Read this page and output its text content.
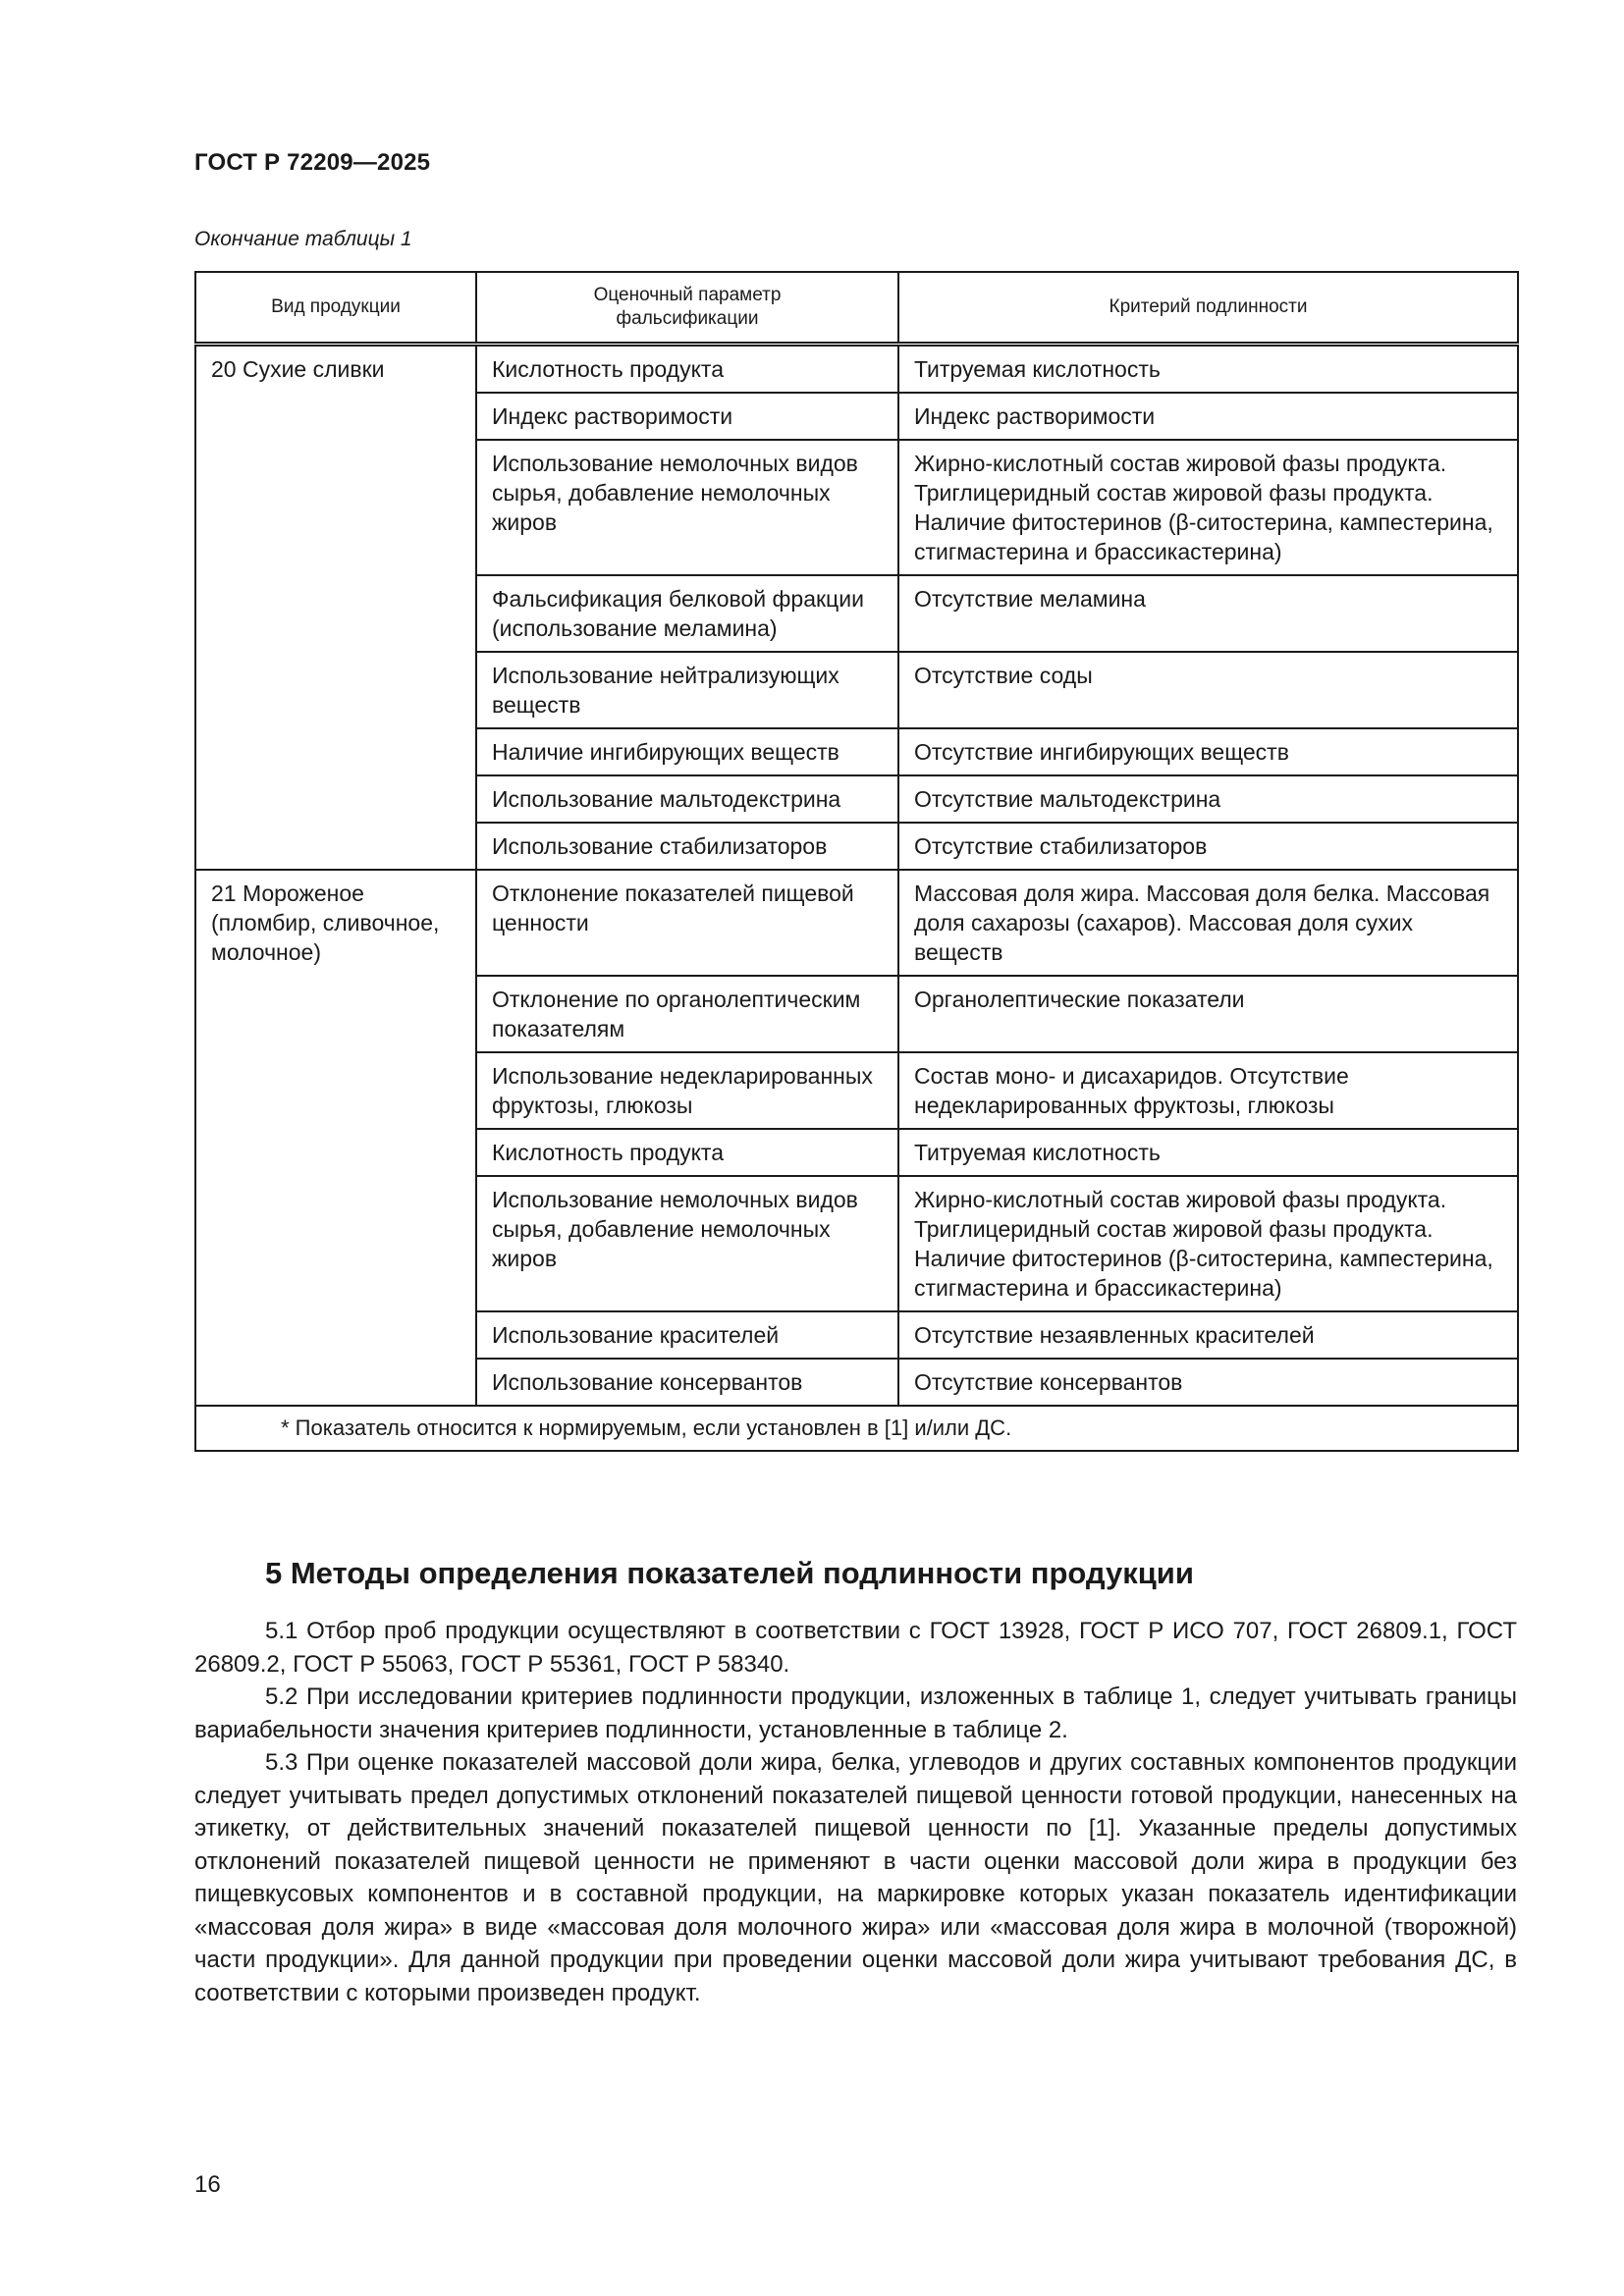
ГОСТ Р 72209—2025
Окончание таблицы 1
Вид продукции	Оценочный параметр фальсификации	Критерий подлинности
20 Сухие сливки	Кислотность продукта	Титруемая кислотность
	Индекс растворимости	Индекс растворимости
	Использование немолочных видов сырья, добавление немолочных жиров	Жирно-кислотный состав жировой фазы продукта. Триглицеридный состав жировой фазы продукта. Наличие фитостеринов (β-ситостерина, кампестерина, стигмастерина и брассикастерина)
	Фальсификация белковой фракции (использование меламина)	Отсутствие меламина
	Использование нейтрализующих веществ	Отсутствие соды
	Наличие ингибирующих веществ	Отсутствие ингибирующих веществ
	Использование мальтодекстрина	Отсутствие мальтодекстрина
	Использование стабилизаторов	Отсутствие стабилизаторов
21 Мороженое (пломбир, сливочное, молочное)	Отклонение показателей пищевой ценности	Массовая доля жира. Массовая доля белка. Массовая доля сахарозы (сахаров). Массовая доля сухих веществ
	Отклонение по органолептическим показателям	Органолептические показатели
	Использование недекларированных фруктозы, глюкозы	Состав моно- и дисахаридов. Отсутствие недекларированных фруктозы, глюкозы
	Кислотность продукта	Титруемая кислотность
	Использование немолочных видов сырья, добавление немолочных жиров	Жирно-кислотный состав жировой фазы продукта. Триглицеридный состав жировой фазы продукта. Наличие фитостеринов (β-ситостерина, кампестерина, стигмастерина и брассикастерина)
	Использование красителей	Отсутствие незаявленных красителей
	Использование консервантов	Отсутствие консервантов
* Показатель относится к нормируемым, если установлен в [1] и/или ДС.		
5 Методы определения показателей подлинности продукции

5.1 Отбор проб продукции осуществляют в соответствии с ГОСТ 13928, ГОСТ Р ИСО 707, ГОСТ 26809.1, ГОСТ 26809.2, ГОСТ Р 55063, ГОСТ Р 55361, ГОСТ Р 58340.

5.2 При исследовании критериев подлинности продукции, изложенных в таблице 1, следует учитывать границы вариабельности значения критериев подлинности, установленные в таблице 2.

5.3 При оценке показателей массовой доли жира, белка, углеводов и других составных компонентов продукции следует учитывать предел допустимых отклонений показателей пищевой ценности готовой продукции, нанесенных на этикетку, от действительных значений показателей пищевой ценности по [1]. Указанные пределы допустимых отклонений показателей пищевой ценности не применяют в части оценки массовой доли жира в продукции без пищевкусовых компонентов и в составной продукции, на маркировке которых указан показатель идентификации «массовая доля жира» в виде «массовая доля молочного жира» или «массовая доля жира в молочной (творожной) части продукции». Для данной продукции при проведении оценки массовой доли жира учитывают требования ДС, в соответствии с которыми произведен продукт.

16
